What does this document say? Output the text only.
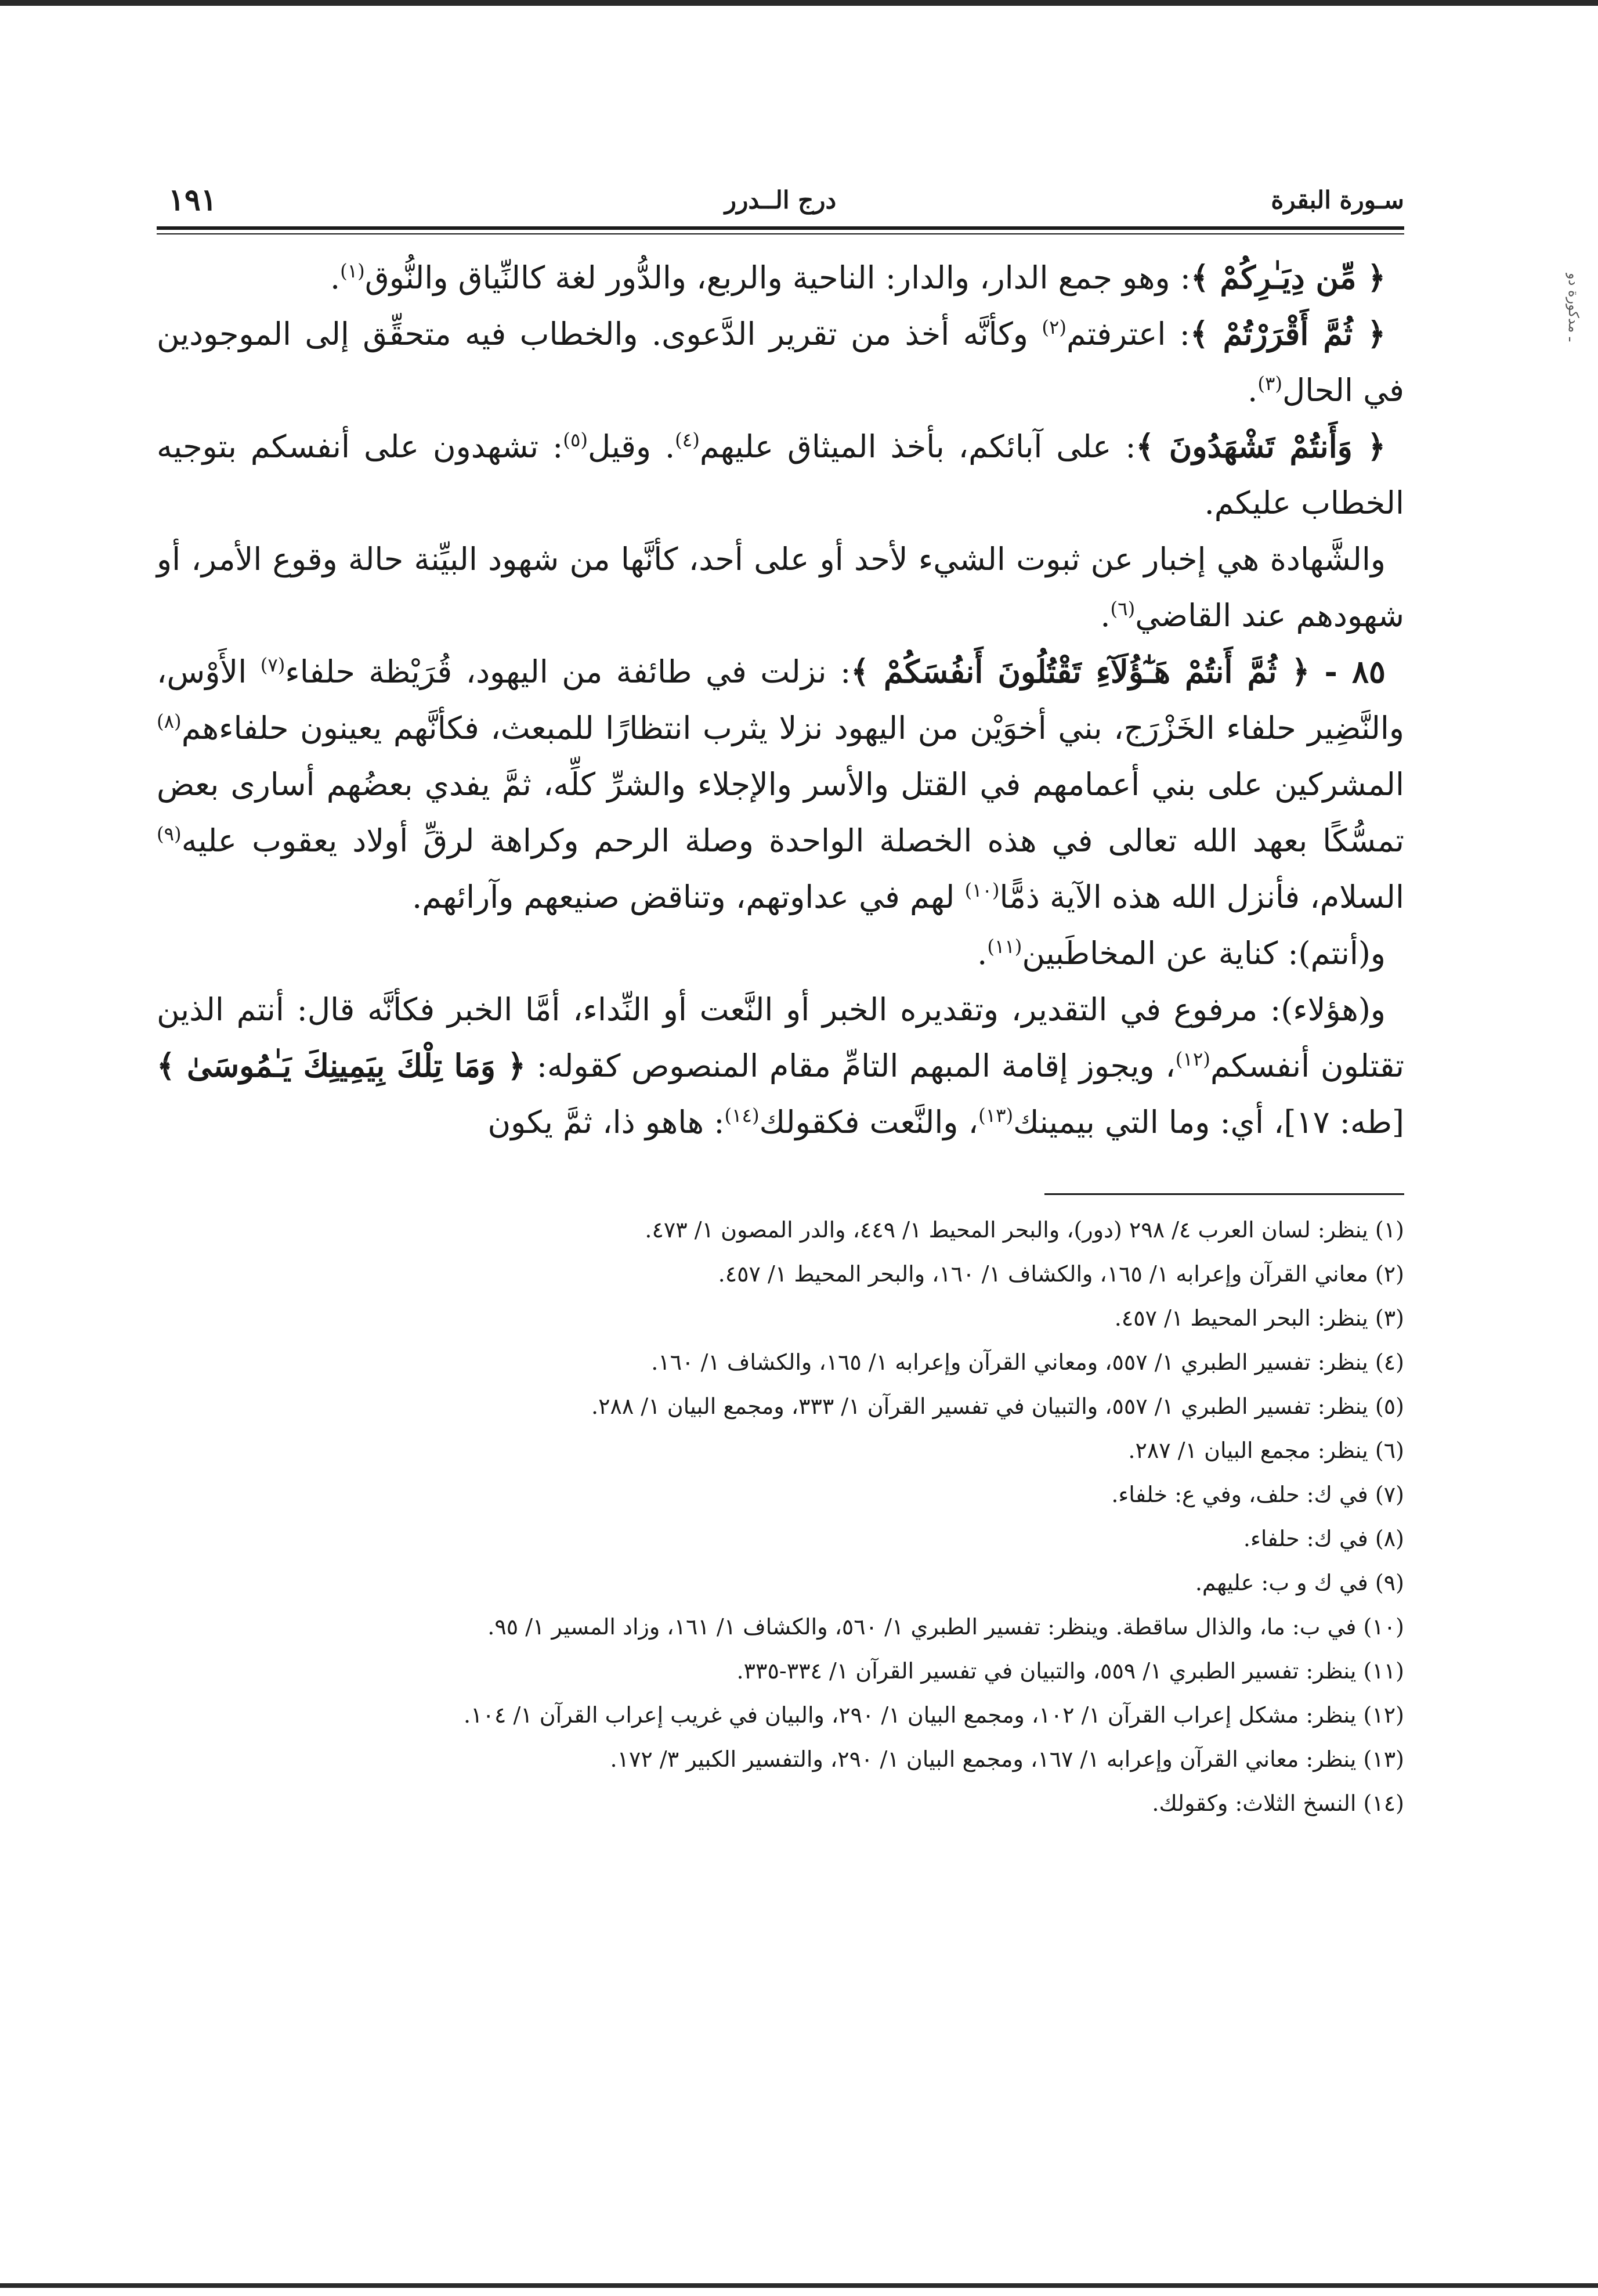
ـ مدكورة دو
سـورة البقرة
درج الــدرر
١٩١

﴿ مِّن دِيَـٰرِكُمْ ﴾: وهو جمع الدار، والدار: الناحية والربع، والدُّور لغة كالنِّياق والنُّوق$^{(١)}$.

﴿ ثُمَّ أَقْرَرْتُمْ ﴾: اعترفتم$^{(٢)}$ وكأنَّه أخذ من تقرير الدَّعوى. والخطاب فيه متحقِّق إلى الموجودين في الحال$^{(٣)}$.

﴿ وَأَنتُمْ تَشْهَدُونَ ﴾: على آبائكم، بأخذ الميثاق عليهم$^{(٤)}$. وقيل$^{(٥)}$: تشهدون على أنفسكم بتوجيه الخطاب عليكم.

والشَّهادة هي إخبار عن ثبوت الشيء لأحد أو على أحد، كأنَّها من شهود البيِّنة حالة وقوع الأمر، أو شهودهم عند القاضي$^{(٦)}$.

٨٥ - ﴿ ثُمَّ أَنتُمْ هَـٰٓؤُلَآءِ تَقْتُلُونَ أَنفُسَكُمْ ﴾: نزلت في طائفة من اليهود، قُرَيْظة حلفاء$^{(٧)}$ الأَوْس، والنَّضِير حلفاء الخَزْرَج، بني أخوَيْن من اليهود نزلا يثرب انتظارًا للمبعث، فكأنَّهم يعينون حلفاءهم$^{(٨)}$ المشركين على بني أعمامهم في القتل والأسر والإجلاء والشرِّ كلِّه، ثمَّ يفدي بعضُهم أسارى بعض تمسُّكًا بعهد الله تعالى في هذه الخصلة الواحدة وصلة الرحم وكراهة لرقِّ أولاد يعقوب عليه$^{(٩)}$ السلام، فأنزل الله هذه الآية ذمًّا$^{(١٠)}$ لهم في عداوتهم، وتناقض صنيعهم وآرائهم.

و(أنتم): كناية عن المخاطَبين$^{(١١)}$.

و(هؤلاء): مرفوع في التقدير، وتقديره الخبر أو النَّعت أو النِّداء، أمَّا الخبر فكأنَّه قال: أنتم الذين تقتلون أنفسكم$^{(١٢)}$، ويجوز إقامة المبهم التامِّ مقام المنصوص كقوله: ﴿ وَمَا تِلْكَ بِيَمِينِكَ يَـٰمُوسَىٰ ﴾ [طه: ١٧]، أي: وما التي بيمينك$^{(١٣)}$، والنَّعت فكقولك$^{(١٤)}$: هاهو ذا، ثمَّ يكون

(١) ينظر: لسان العرب ٤/ ٢٩٨ (دور)، والبحر المحيط ١/ ٤٤٩، والدر المصون ١/ ٤٧٣.

(٢) معاني القرآن وإعرابه ١/ ١٦٥، والكشاف ١/ ١٦٠، والبحر المحيط ١/ ٤٥٧.

(٣) ينظر: البحر المحيط ١/ ٤٥٧.

(٤) ينظر: تفسير الطبري ١/ ٥٥٧، ومعاني القرآن وإعرابه ١/ ١٦٥، والكشاف ١/ ١٦٠.

(٥) ينظر: تفسير الطبري ١/ ٥٥٧، والتبيان في تفسير القرآن ١/ ٣٣٣، ومجمع البيان ١/ ٢٨٨.

(٦) ينظر: مجمع البيان ١/ ٢٨٧.

(٧) في ك: حلف، وفي ع: خلفاء.

(٨) في ك: حلفاء.

(٩) في ك و ب: عليهم.

(١٠) في ب: ما، والذال ساقطة. وينظر: تفسير الطبري ١/ ٥٦٠، والكشاف ١/ ١٦١، وزاد المسير ١/ ٩٥.

(١١) ينظر: تفسير الطبري ١/ ٥٥٩، والتبيان في تفسير القرآن ١/ ٣٣٤-٣٣٥.

(١٢) ينظر: مشكل إعراب القرآن ١/ ١٠٢، ومجمع البيان ١/ ٢٩٠، والبيان في غريب إعراب القرآن ١/ ١٠٤.

(١٣) ينظر: معاني القرآن وإعرابه ١/ ١٦٧، ومجمع البيان ١/ ٢٩٠، والتفسير الكبير ٣/ ١٧٢.

(١٤) النسخ الثلاث: وكقولك.
